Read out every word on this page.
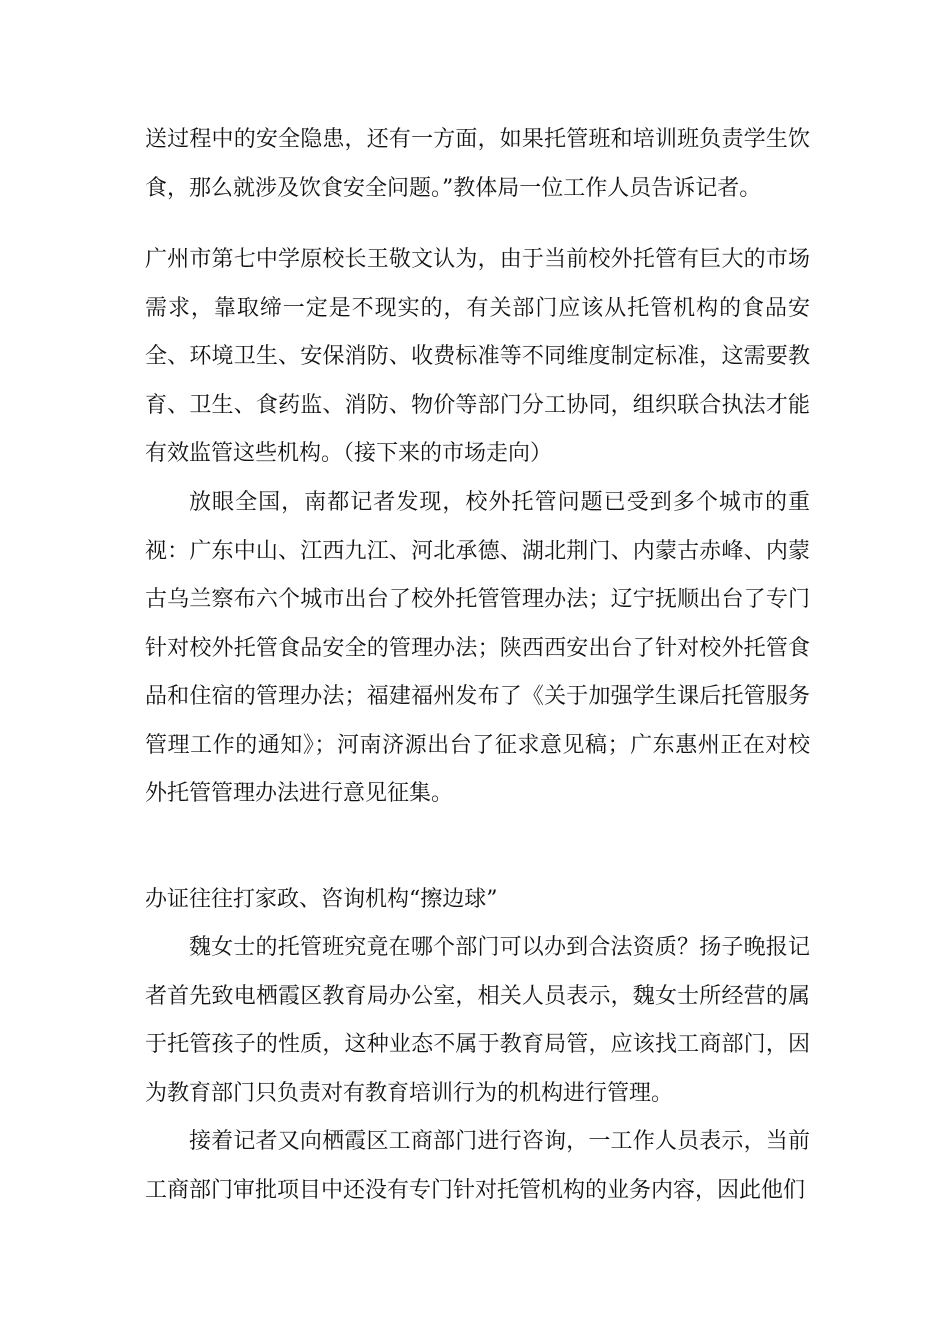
送过程中的安全隐患，还有一方面，如果托管班和培训班负责学生饮食，那么就涉及饮食安全问题。”教体局一位工作人员告诉记者。

广州市第七中学原校长王敬文认为，由于当前校外托管有巨大的市场需求，靠取缔一定是不现实的，有关部门应该从托管机构的食品安全、环境卫生、安保消防、收费标准等不同维度制定标准，这需要教育、卫生、食药监、消防、物价等部门分工协同，组织联合执法才能有效监管这些机构。（接下来的市场走向）

放眼全国，南都记者发现，校外托管问题已受到多个城市的重视：广东中山、江西九江、河北承德、湖北荆门、内蒙古赤峰、内蒙古乌兰察布六个城市出台了校外托管管理办法；辽宁抚顺出台了专门针对校外托管食品安全的管理办法；陕西西安出台了针对校外托管食品和住宿的管理办法；福建福州发布了《关于加强学生课后托管服务管理工作的通知》；河南济源出台了征求意见稿；广东惠州正在对校外托管管理办法进行意见征集。

办证往往打家政、咨询机构“擦边球”

魏女士的托管班究竟在哪个部门可以办到合法资质？扬子晚报记者首先致电栖霞区教育局办公室，相关人员表示，魏女士所经营的属于托管孩子的性质，这种业态不属于教育局管，应该找工商部门，因为教育部门只负责对有教育培训行为的机构进行管理。

接着记者又向栖霞区工商部门进行咨询，一工作人员表示，当前工商部门审批项目中还没有专门针对托管机构的业务内容，因此他们
